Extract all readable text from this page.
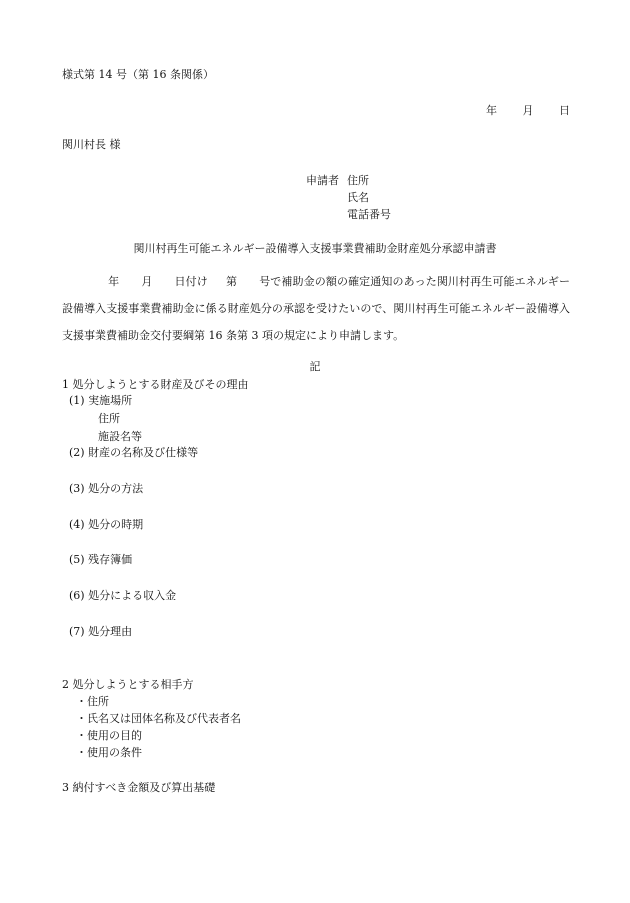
様式第 14 号（第 16 条関係）
年 月 日
関川村長 様
申請者 住所
氏名
電話番号
関川村再生可能エネルギー設備導入支援事業費補助金財産処分承認申請書
年 月 日付け 第 号で補助金の額の確定通知のあった関川村再生可能エネルギー設備導入支援事業費補助金に係る財産処分の承認を受けたいので、関川村再生可能エネルギー設備導入支援事業費補助金交付要綱第 16 条第 3 項の規定により申請します。
記
1 処分しようとする財産及びその理由
(1) 実施場所
住所
施設名等
(2) 財産の名称及び仕様等
(3) 処分の方法
(4) 処分の時期
(5) 残存簿価
(6) 処分による収入金
(7) 処分理由
2 処分しようとする相手方
・住所
・氏名又は団体名称及び代表者名
・使用の目的
・使用の条件
3 納付すべき金額及び算出基礎
